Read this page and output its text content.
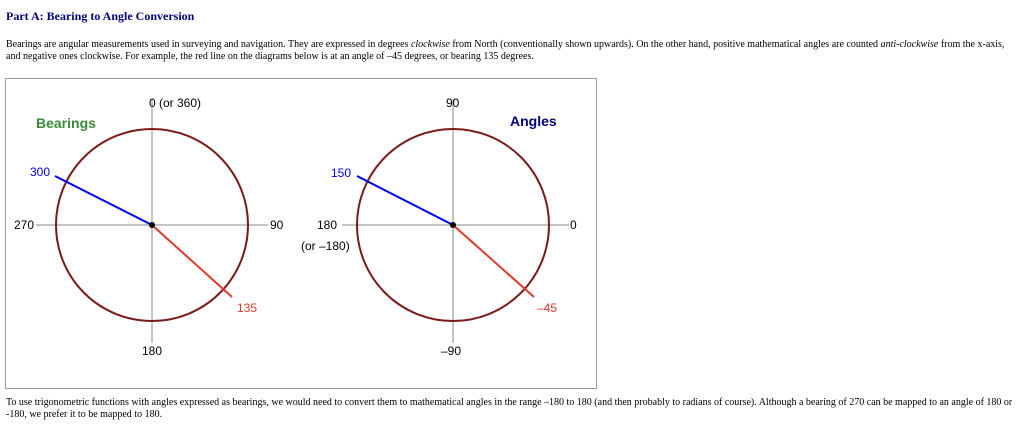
Part A: Bearing to Angle Conversion
Bearings are angular measurements used in surveying and navigation. They are expressed in degrees clockwise from North (conventionally shown upwards). On the other hand, positive mathematical angles are counted anti-clockwise from the x-axis, and negative ones clockwise. For example, the red line on the diagrams below is at an angle of –45 degrees, or bearing 135 degrees.
Bearings
0 (or 360)
90
180
270
300
135
Angles
90
0
–90
180
(or –180)
150
–45
To use trigonometric functions with angles expressed as bearings, we would need to convert them to mathematical angles in the range –180 to 180 (and then probably to radians of course). Although a bearing of 270 can be mapped to an angle of 180 or -180, we prefer it to be mapped to 180.
